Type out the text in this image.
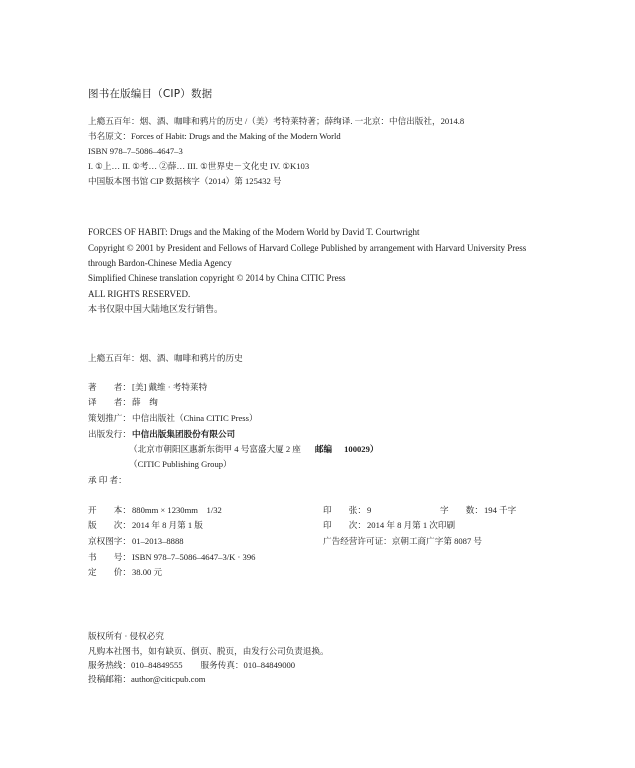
图书在版编目（CIP）数据
上瘾五百年：烟、酒、咖啡和鸦片的历史 /（美）考特莱特著；薛绚译. 一北京：中信出版社，2014.8
书名原文：Forces of Habit: Drugs and the Making of the Modern World
ISBN 978–7–5086–4647–3
I. ①上… II. ①考… ②薛… III. ①世界史－文化史 IV. ①K103
中国版本图书馆 CIP 数据核字（2014）第 125432 号
FORCES OF HABIT: Drugs and the Making of the Modern World by David T. Courtwright
Copyright © 2001 by President and Fellows of Harvard College Published by arrangement with Harvard University Press
through Bardon-Chinese Media Agency
Simplified Chinese translation copyright © 2014 by China CITIC Press
ALL RIGHTS RESERVED.
本书仅限中国大陆地区发行销售。
上瘾五百年：烟、酒、咖啡和鸦片的历史
著　　者：[美] 戴维 · 考特莱特
译　　者：薛　绚
策划推广：中信出版社（China CITIC Press）
出版发行：中信出版集团股份有限公司
（北京市朝阳区惠新东街甲 4 号富盛大厦 2 座 邮编 100029）
（CITIC Publishing Group）
承 印 者：
开　　本：880mm × 1230mm　1/32	印　　张：9	字　　数：194 千字
版　　次：2014 年 8 月第 1 版	印　　次：2014 年 8 月第 1 次印刷
京权图字：01–2013–8888	广告经营许可证：京朝工商广字第 8087 号
书　　号：ISBN 978–7–5086–4647–3/K · 396
定　　价：38.00 元
版权所有 · 侵权必究
凡购本社图书，如有缺页、倒页、脱页，由发行公司负责退换。
服务热线：010–84849555 服务传真：010–84849000
投稿邮箱：author@citicpub.com
